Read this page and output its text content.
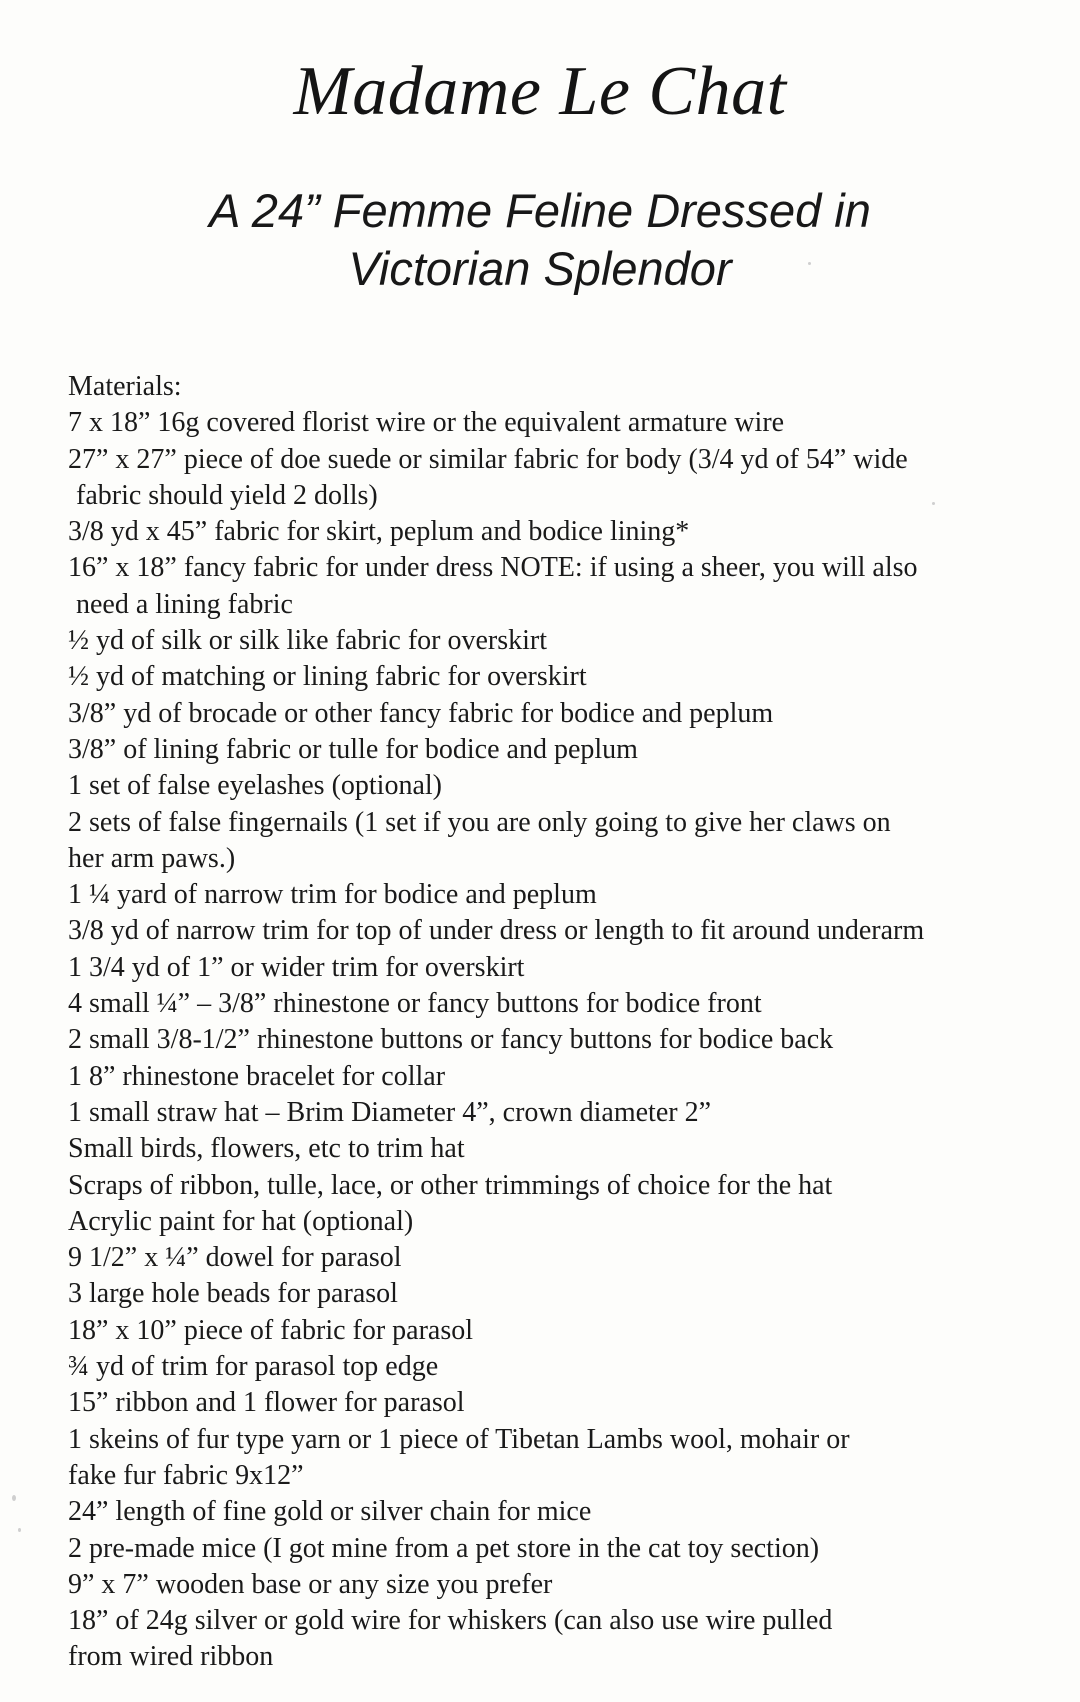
Madame Le Chat
A 24” Femme Feline Dressed in
Victorian Splendor
Materials:
7 x 18” 16g covered florist wire or the equivalent armature wire
27” x 27” piece of doe suede or similar fabric for body (3/4 yd of 54” wide
fabric should yield 2 dolls)
3/8 yd x 45” fabric for skirt, peplum and bodice lining*
16” x 18” fancy fabric for under dress NOTE: if using a sheer, you will also
need a lining fabric
½ yd of silk or silk like fabric for overskirt
½ yd of matching or lining fabric for overskirt
3/8” yd of brocade or other fancy fabric for bodice and peplum
3/8” of lining fabric or tulle for bodice and peplum
1 set of false eyelashes (optional)
2 sets of false fingernails (1 set if you are only going to give her claws on
her arm paws.)
1 ¼ yard of narrow trim for bodice and peplum
3/8 yd of narrow trim for top of under dress or length to fit around underarm
1 3/4 yd of 1” or wider trim for overskirt
4 small ¼” – 3/8” rhinestone or fancy buttons for bodice front
2 small 3/8-1/2” rhinestone buttons or fancy buttons for bodice back
1 8” rhinestone bracelet for collar
1 small straw hat – Brim Diameter 4”, crown diameter 2”
Small birds, flowers, etc to trim hat
Scraps of ribbon, tulle, lace, or other trimmings of choice for the hat
Acrylic paint for hat (optional)
9 1/2” x ¼” dowel for parasol
3 large hole beads for parasol
18” x 10” piece of fabric for parasol
¾ yd of trim for parasol top edge
15” ribbon and 1 flower for parasol
1 skeins of fur type yarn or 1 piece of Tibetan Lambs wool, mohair or
fake fur fabric 9x12”
24” length of fine gold or silver chain for mice
2 pre-made mice (I got mine from a pet store in the cat toy section)
9” x 7” wooden base or any size you prefer
18” of 24g silver or gold wire for whiskers (can also use wire pulled
from wired ribbon
